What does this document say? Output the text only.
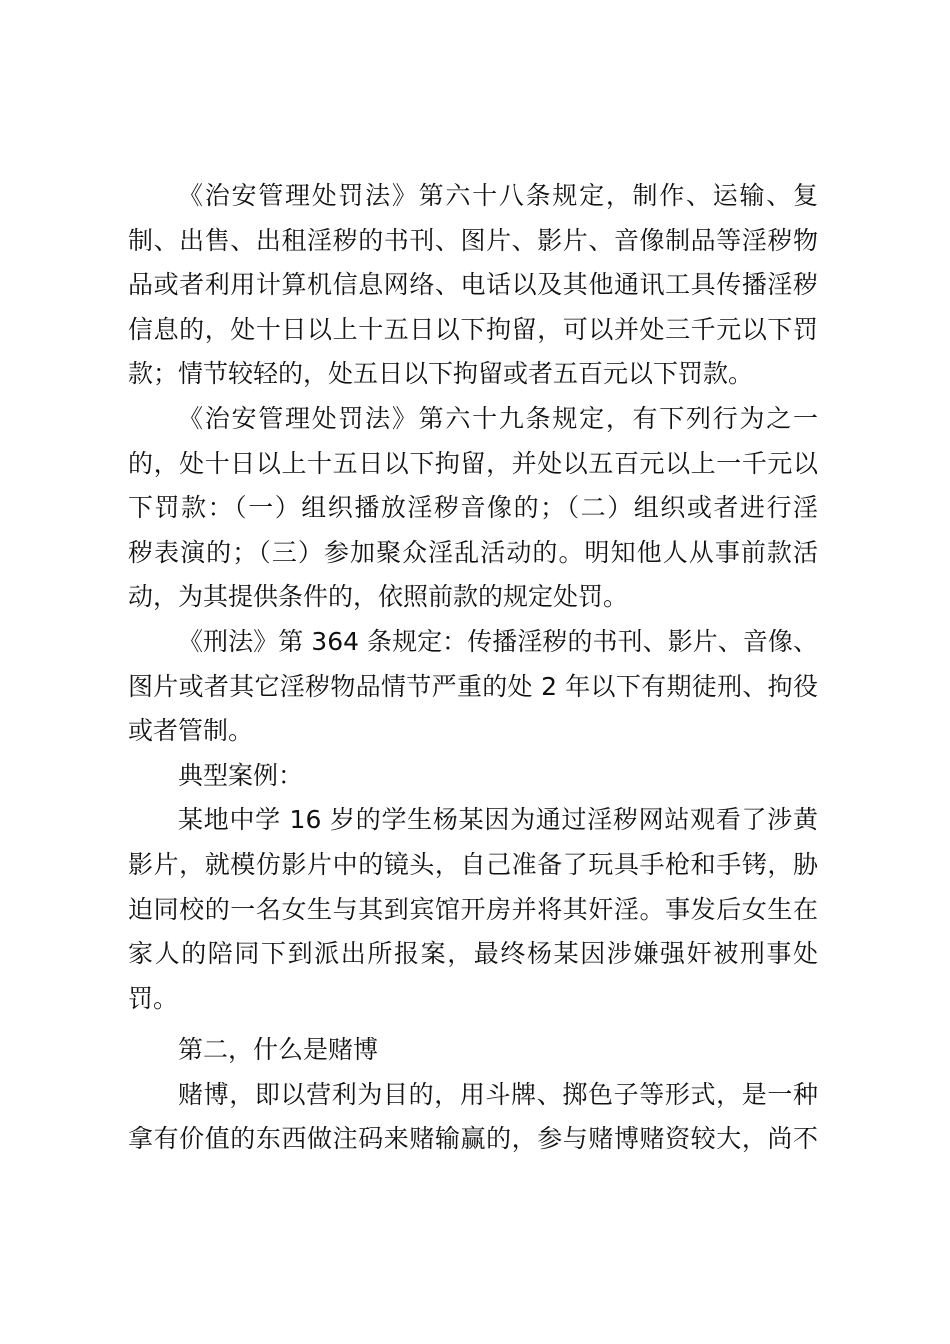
《治安管理处罚法》第六十八条规定，制作、运输、复
制、出售、出租淫秽的书刊、图片、影片、音像制品等淫秽物
品或者利用计算机信息网络、电话以及其他通讯工具传播淫秽
信息的，处十日以上十五日以下拘留，可以并处三千元以下罚
款；情节较轻的，处五日以下拘留或者五百元以下罚款。
《治安管理处罚法》第六十九条规定，有下列行为之一
的，处十日以上十五日以下拘留，并处以五百元以上一千元以
下罚款：（一）组织播放淫秽音像的；（二）组织或者进行淫
秽表演的；（三）参加聚众淫乱活动的。明知他人从事前款活
动，为其提供条件的，依照前款的规定处罚。
《刑法》第 364 条规定：传播淫秽的书刊、影片、音像、
图片或者其它淫秽物品情节严重的处 2 年以下有期徒刑、拘役
或者管制。
典型案例：
某地中学 16 岁的学生杨某因为通过淫秽网站观看了涉黄
影片，就模仿影片中的镜头，自己准备了玩具手枪和手铐，胁
迫同校的一名女生与其到宾馆开房并将其奸淫。事发后女生在
家人的陪同下到派出所报案，最终杨某因涉嫌强奸被刑事处
罚。
第二，什么是赌博
赌博，即以营利为目的，用斗牌、掷色子等形式，是一种
拿有价值的东西做注码来赌输赢的，参与赌博赌资较大，尚不
